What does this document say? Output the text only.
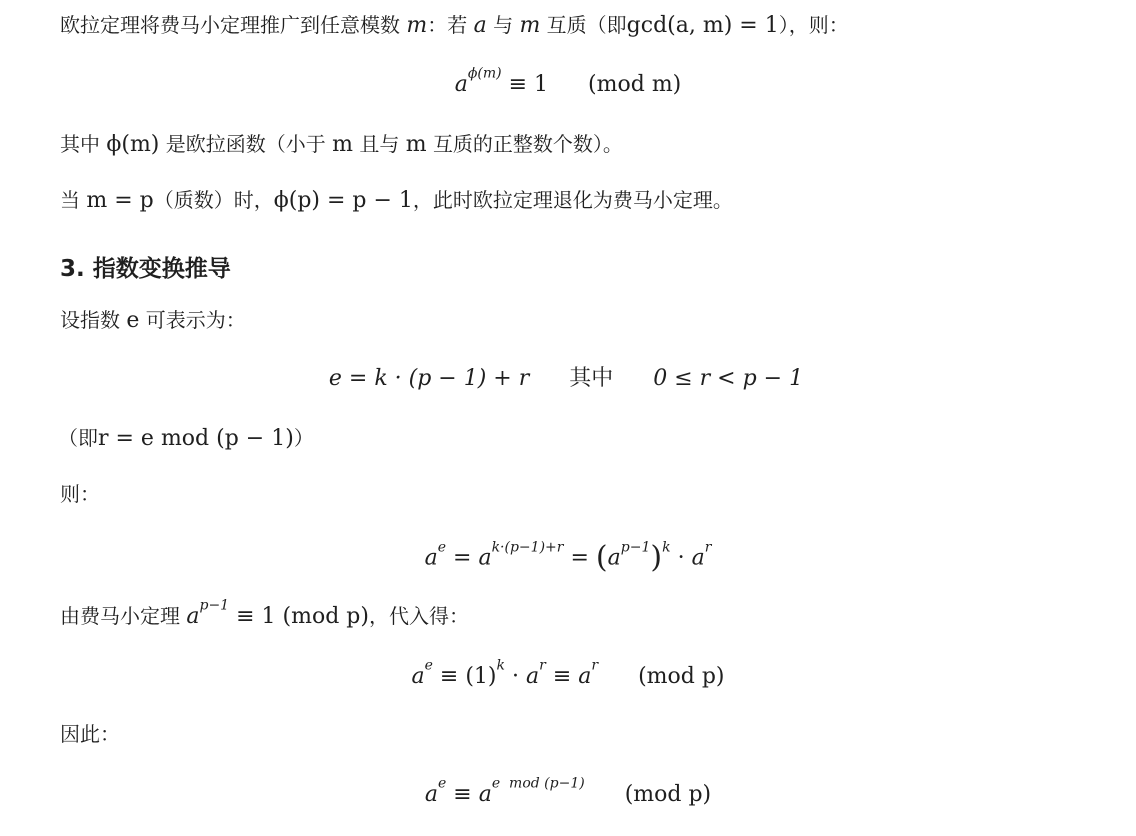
欧拉定理将费马小定理推广到任意模数 m：若 a 与 m 互质（即gcd(a, m) = 1），则：
$a^{\phi(m)} \equiv 1$ (mod m)
其中 ϕ(m) 是欧拉函数（小于 m 且与 m 互质的正整数个数）。
当 m = p（质数）时，ϕ(p) = p − 1，此时欧拉定理退化为费马小定理。
3. 指数变换推导
设指数 e 可表示为：
e = k · (p − 1) + r 其中 0 ≤ r < p − 1
（即r = e mod (p − 1)）
则：
$a^e = a^{k\cdot(p-1)+r} = (a^{p-1})^k \cdot a^r$
由费马小定理 $a^{p-1} \equiv 1$ (mod p)，代入得：
$a^e \equiv (1)^k \cdot a^r \equiv a^r$ (mod p)
因此：
$a^e \equiv a^{e mod (p-1)}$ (mod p)
